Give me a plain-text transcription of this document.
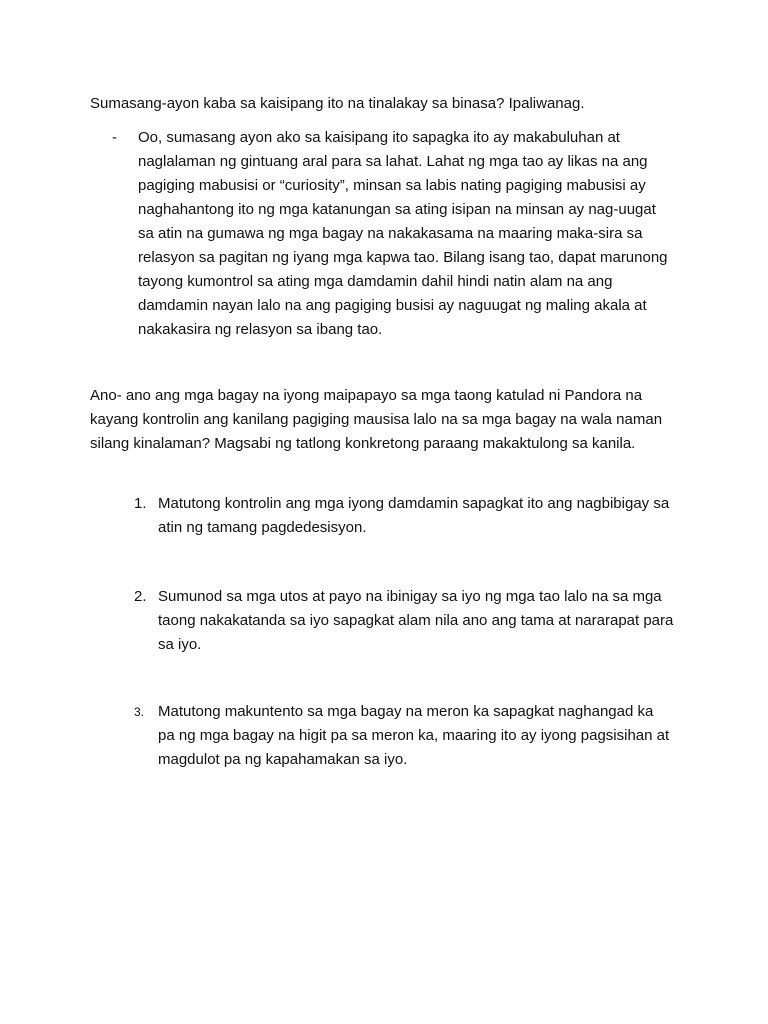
Sumasang-ayon kaba sa kaisipang ito na tinalakay sa binasa? Ipaliwanag.

- Oo, sumasang ayon ako sa kaisipang ito sapagka ito ay makabuluhan at naglalaman ng gintuang aral para sa lahat. Lahat ng mga tao ay likas na ang pagiging mabusisi or “curiosity”, minsan sa labis nating pagiging mabusisi ay naghahantong ito ng mga katanungan sa ating isipan na minsan ay nag-uugat sa atin na gumawa ng mga bagay na nakakasama na maaring maka-sira sa relasyon sa pagitan ng iyang mga kapwa tao. Bilang isang tao, dapat marunong tayong kumontrol sa ating mga damdamin dahil hindi natin alam na ang damdamin nayan lalo na ang pagiging busisi ay naguugat ng maling akala at nakakasira ng relasyon sa ibang tao.

Ano- ano ang mga bagay na iyong maipapayo sa mga taong katulad ni Pandora na kayang kontrolin ang kanilang pagiging mausisa lalo na sa mga bagay na wala naman silang kinalaman? Magsabi ng tatlong konkretong paraang makaktulong sa kanila.

1. Matutong kontrolin ang mga iyong damdamin sapagkat ito ang nagbibigay sa atin ng tamang pagdedesisyon.

2. Sumunod sa mga utos at payo na ibinigay sa iyo ng mga tao lalo na sa mga taong nakakatanda sa iyo sapagkat alam nila ano ang tama at nararapat para sa iyo.

3. Matutong makuntento sa mga bagay na meron ka sapagkat naghangad ka pa ng mga bagay na higit pa sa meron ka, maaring ito ay iyong pagsisihan at magdulot pa ng kapahamakan sa iyo.
